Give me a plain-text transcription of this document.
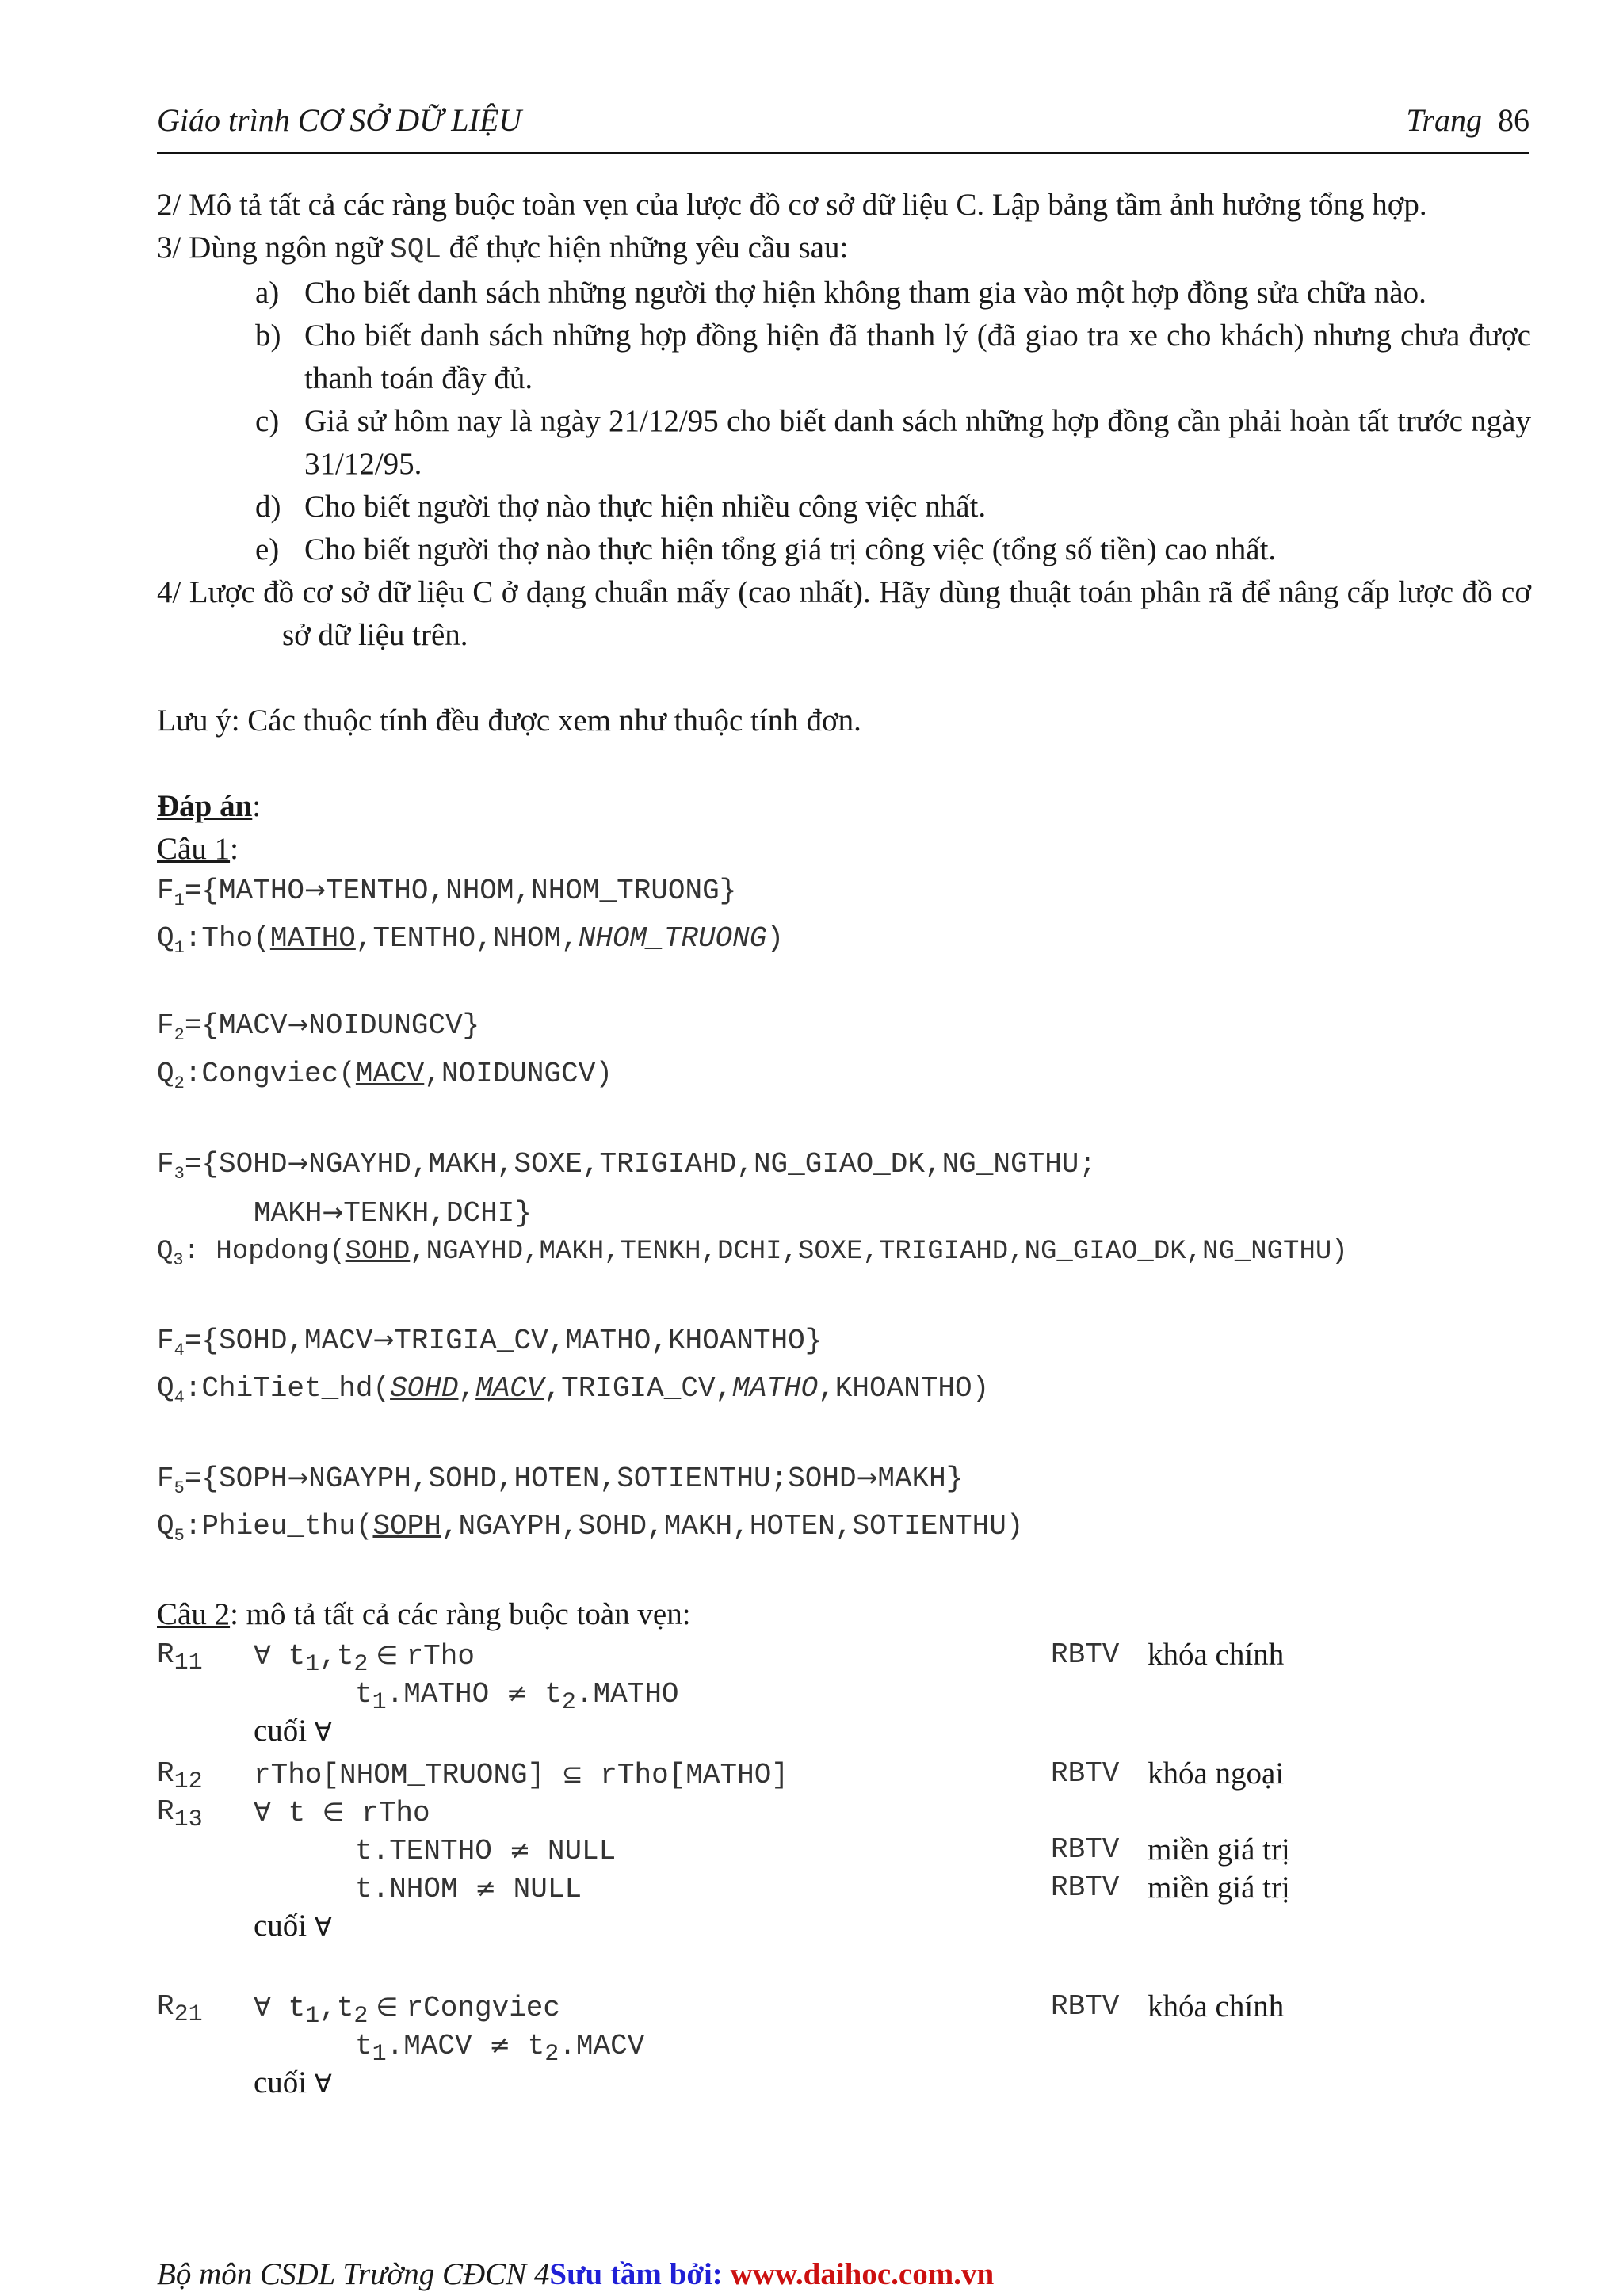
Giáo trình CƠ SỞ DỮ LIỆU	Trang 86
2/ Mô tả tất cả các ràng buộc toàn vẹn của lược đồ cơ sở dữ liệu C. Lập bảng tầm ảnh hưởng tổng hợp.
3/ Dùng ngôn ngữ SQL để thực hiện những yêu cầu sau:
a) Cho biết danh sách những người thợ hiện không tham gia vào một hợp đồng sửa chữa nào.
b) Cho biết danh sách những hợp đồng hiện đã thanh lý (đã giao tra xe cho khách) nhưng chưa được thanh toán đầy đủ.
c) Giả sử hôm nay là ngày 21/12/95 cho biết danh sách những hợp đồng cần phải hoàn tất trước ngày 31/12/95.
d) Cho biết người thợ nào thực hiện nhiều công việc nhất.
e) Cho biết người thợ nào thực hiện tổng giá trị công việc (tổng số tiền) cao nhất.
4/ Lược đồ cơ sở dữ liệu C ở dạng chuẩn mấy (cao nhất). Hãy dùng thuật toán phân rã để nâng cấp lược đồ cơ sở dữ liệu trên.
Lưu ý: Các thuộc tính đều được xem như thuộc tính đơn.
Đáp án:
Câu 1:
$F_1=\{MATHO\to TENTHO,NHOM,NHOM\_TRUONG\}$
$Q_1:Tho(MATHO,TENTHO,NHOM,NHOM\_TRUONG)$
$F_2=\{MACV\to NOIDUNGCV\}$
$Q_2:Congviec(MACV,NOIDUNGCV)$
$F_3=\{SOHD\to NGAYHD,MAKH,SOXE,TRIGIAHD,NG\_GIAO\_DK,NG\_NGTHU$;
MAKH→TENKH,DCHI}
$Q_3$: Hopdong(SOHD,NGAYHD,MAKH,TENKH,DCHI,SOXE,TRIGIAHD,NG_GIAO_DK,NG_NGTHU)
$F_4=\{SOHD,MACV\to TRIGIA\_CV,MATHO,KHOANTHO\}$
$Q_4:ChiTiet\_hd(SOHD,MACV,TRIGIA\_CV,MATHO,KHOANTHO)$
$F_5=\{SOPH\to NGAYPH,SOHD,HOTEN,SOTIENTHU;SOHD\to MAKH\}$
$Q_5:Phieu\_thu(SOPH,NGAYPH,SOHD,MAKH,HOTEN,SOTIENTHU)$
Câu 2: mô tả tất cả các ràng buộc toàn vẹn:
$R_{11}$ ∀ $t_1,t_2$ ∈ rTho	RBTV khóa chính
$t_1.MATHO$ ≠ $t_2.MATHO$
cuối ∀
$R_{12}$ rTho[NHOM_TRUONG] ⊆ rTho[MATHO]	RBTV khóa ngoại
$R_{13}$ ∀ t ∈ rTho
t.TENTHO ≠ NULL	RBTV miền giá trị
t.NHOM ≠ NULL	RBTV miền giá trị
cuối ∀
$R_{21}$ ∀ $t_1,t_2$ ∈ rCongviec	RBTV khóa chính
$t_1.MACV$ ≠ $t_2.MACV$
cuối ∀
Bộ môn CSDL Trường CĐCN 4Sưu tầm bởi: www.daihoc.com.vn
